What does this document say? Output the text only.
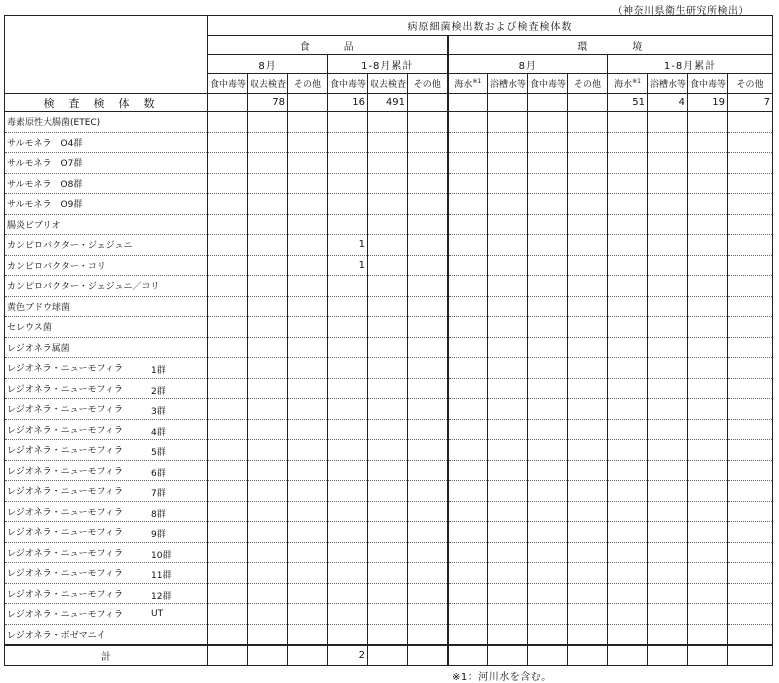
（神奈川県衛生研究所検出）
	病原細菌検出数および検査検体数													
	食　　　品						環　　　　境							
	8月			1-8月累計			8月				1-8月累計			
	食中毒等	収去検査	その他	食中毒等	収去検査	その他	海水$^{※1}$	浴槽水等	食中毒等	その他	海水$^{※1}$	浴槽水等	食中毒等	その他
検査検体数		78		16	491						51	4	19	7
毒素原性大腸菌(ETEC)														
サルモネラ　O4群														
サルモネラ　O7群														
サルモネラ　O8群														
サルモネラ　O9群														
腸炎ビブリオ														
カンピロバクター・ジェジュニ				1										
カンピロバクター・コリ				1										
カンピロバクター・ジェジュニ／コリ														
黄色ブドウ球菌														
セレウス菌														
レジオネラ属菌														
レジオネラ・ニューモフィラ 1群														

レジオネラ・ニューモフィラ 2群														

レジオネラ・ニューモフィラ 3群														

レジオネラ・ニューモフィラ 4群														

レジオネラ・ニューモフィラ 5群														

レジオネラ・ニューモフィラ 6群														

レジオネラ・ニューモフィラ 7群														

レジオネラ・ニューモフィラ 8群														

レジオネラ・ニューモフィラ 9群														

レジオネラ・ニューモフィラ 10群														

レジオネラ・ニューモフィラ 11群														

レジオネラ・ニューモフィラ 12群														

レジオネラ・ニューモフィラ UT														

レジオネラ・ボゼマニイ														
計				2										
※1：河川水を含む。
